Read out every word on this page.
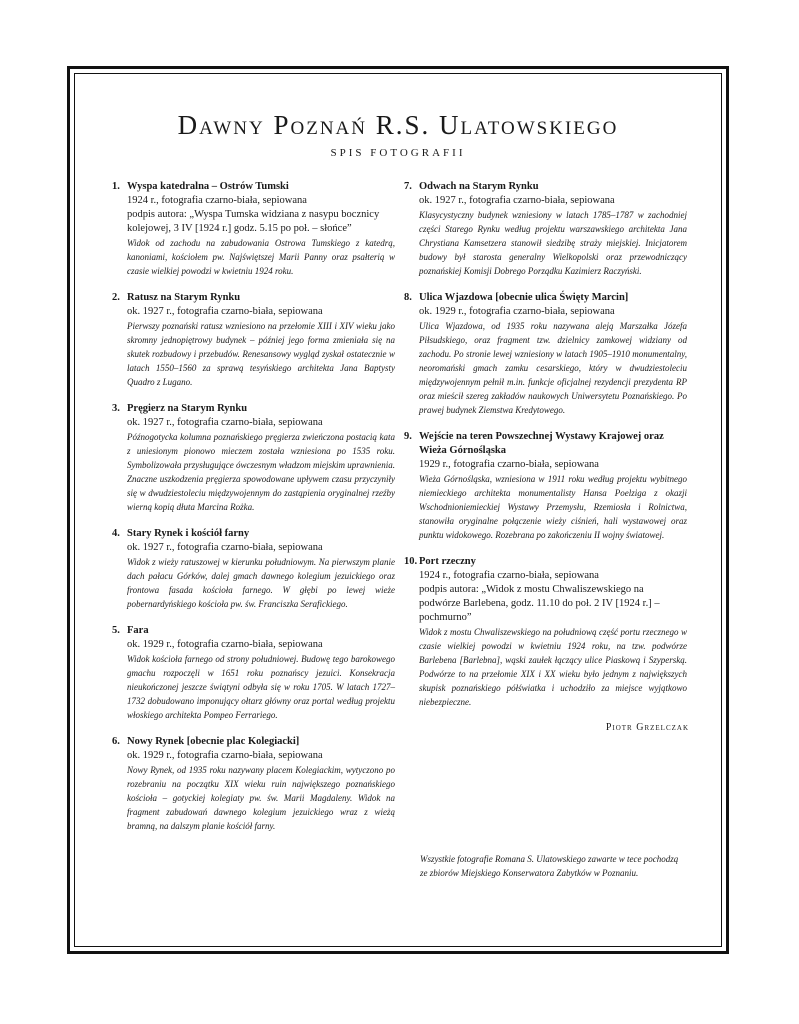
Dawny Poznań R.S. Ulatowskiego
SPIS FOTOGRAFII
1. Wyspa katedralna – Ostrów Tumski
1924 r., fotografia czarno-biała, sepiowana
podpis autora: „Wyspa Tumska widziana z nasypu bocznicy kolejowej, 3 IV [1924 r.] godz. 5.15 po poł. – słońce”
Widok od zachodu na zabudowania Ostrowa Tumskiego z katedrą, kanoniami, kościołem pw. Najświętszej Marii Panny oraz psałterią w czasie wielkiej powodzi w kwietniu 1924 roku.
2. Ratusz na Starym Rynku
ok. 1927 r., fotografia czarno-biała, sepiowana
Pierwszy poznański ratusz wzniesiono na przełomie XIII i XIV wieku jako skromny jednopiętrowy budynek – później jego forma zmieniała się na skutek rozbudowy i przebudów. Renesansowy wygląd zyskał ostatecznie w latach 1550–1560 za sprawą tesyńskiego architekta Jana Baptysty Quadro z Lugano.
3. Pręgierz na Starym Rynku
ok. 1927 r., fotografia czarno-biała, sepiowana
Późnogotycka kolumna poznańskiego pręgierza zwieńczona postacią kata z uniesionym pionowo mieczem została wzniesiona po 1535 roku. Symbolizowała przysługujące ówczesnym władzom miejskim uprawnienia. Znaczne uszkodzenia pręgierza spowodowane upływem czasu przyczyniły się w dwudziestoleciu międzywojennym do zastąpienia oryginalnej rzeźby wierną kopią dłuta Marcina Rożka.
4. Stary Rynek i kościół farny
ok. 1927 r., fotografia czarno-biała, sepiowana
Widok z wieży ratuszowej w kierunku południowym. Na pierwszym planie dach pałacu Górków, dalej gmach dawnego kolegium jezuickiego oraz frontowa fasada kościoła farnego. W głębi po lewej wieże pobernardyńskiego kościoła pw. św. Franciszka Serafickiego.
5. Fara
ok. 1929 r., fotografia czarno-biała, sepiowana
Widok kościoła farnego od strony południowej. Budowę tego barokowego gmachu rozpoczęli w 1651 roku poznańscy jezuici. Konsekracja nieukończonej jeszcze świątyni odbyła się w roku 1705. W latach 1727–1732 dobudowano imponujący ołtarz główny oraz portal według projektu włoskiego architekta Pompeo Ferrariego.
6. Nowy Rynek [obecnie plac Kolegiacki]
ok. 1929 r., fotografia czarno-biała, sepiowana
Nowy Rynek, od 1935 roku nazywany placem Kolegiackim, wytyczono po rozebraniu na początku XIX wieku ruin największego poznańskiego kościoła – gotyckiej kolegiaty pw. św. Marii Magdaleny. Widok na fragment zabudowań dawnego kolegium jezuickiego wraz z wieżą bramną, na dalszym planie kościół farny.
7. Odwach na Starym Rynku
ok. 1927 r., fotografia czarno-biała, sepiowana
Klasycystyczny budynek wzniesiony w latach 1785–1787 w zachodniej części Starego Rynku według projektu warszawskiego architekta Jana Chrystiana Kamsetzera stanowił siedzibę straży miejskiej. Inicjatorem budowy był starosta generalny Wielkopolski oraz przewodniczący poznańskiej Komisji Dobrego Porządku Kazimierz Raczyński.
8. Ulica Wjazdowa [obecnie ulica Święty Marcin]
ok. 1929 r., fotografia czarno-biała, sepiowana
Ulica Wjazdowa, od 1935 roku nazywana aleją Marszałka Józefa Piłsudskiego, oraz fragment tzw. dzielnicy zamkowej widziany od zachodu. Po stronie lewej wzniesiony w latach 1905–1910 monumentalny, neoromański gmach zamku cesarskiego, który w dwudziestoleciu międzywojennym pełnił m.in. funkcje oficjalnej rezydencji prezydenta RP oraz mieścił szereg zakładów naukowych Uniwersytetu Poznańskiego. Po prawej budynek Ziemstwa Kredytowego.
9. Wejście na teren Powszechnej Wystawy Krajowej oraz Wieża Górnośląska
1929 r., fotografia czarno-biała, sepiowana
Wieża Górnośląska, wzniesiona w 1911 roku według projektu wybitnego niemieckiego architekta monumentalisty Hansa Poelziga z okazji Wschodnioniemieckiej Wystawy Przemysłu, Rzemiosła i Rolnictwa, stanowiła oryginalne połączenie wieży ciśnień, hali wystawowej oraz punktu widokowego. Rozebrana po zakończeniu II wojny światowej.
10. Port rzeczny
1924 r., fotografia czarno-biała, sepiowana
podpis autora: „Widok z mostu Chwaliszewskiego na podwórze Barlebena, godz. 11.10 do poł. 2 IV [1924 r.] – pochmurno”
Widok z mostu Chwaliszewskiego na południową część portu rzecznego w czasie wielkiej powodzi w kwietniu 1924 roku, na tzw. podwórze Barlebena [Barlebna], wąski zaułek łączący ulice Piaskową i Szyperską. Podwórze to na przełomie XIX i XX wieku było jednym z największych skupisk poznańskiego półświatka i uchodziło za miejsce wyjątkowo niebezpieczne.
Piotr Grzelczak
Wszystkie fotografie Romana S. Ulatowskiego zawarte w tece pochodzą ze zbiorów Miejskiego Konserwatora Zabytków w Poznaniu.
